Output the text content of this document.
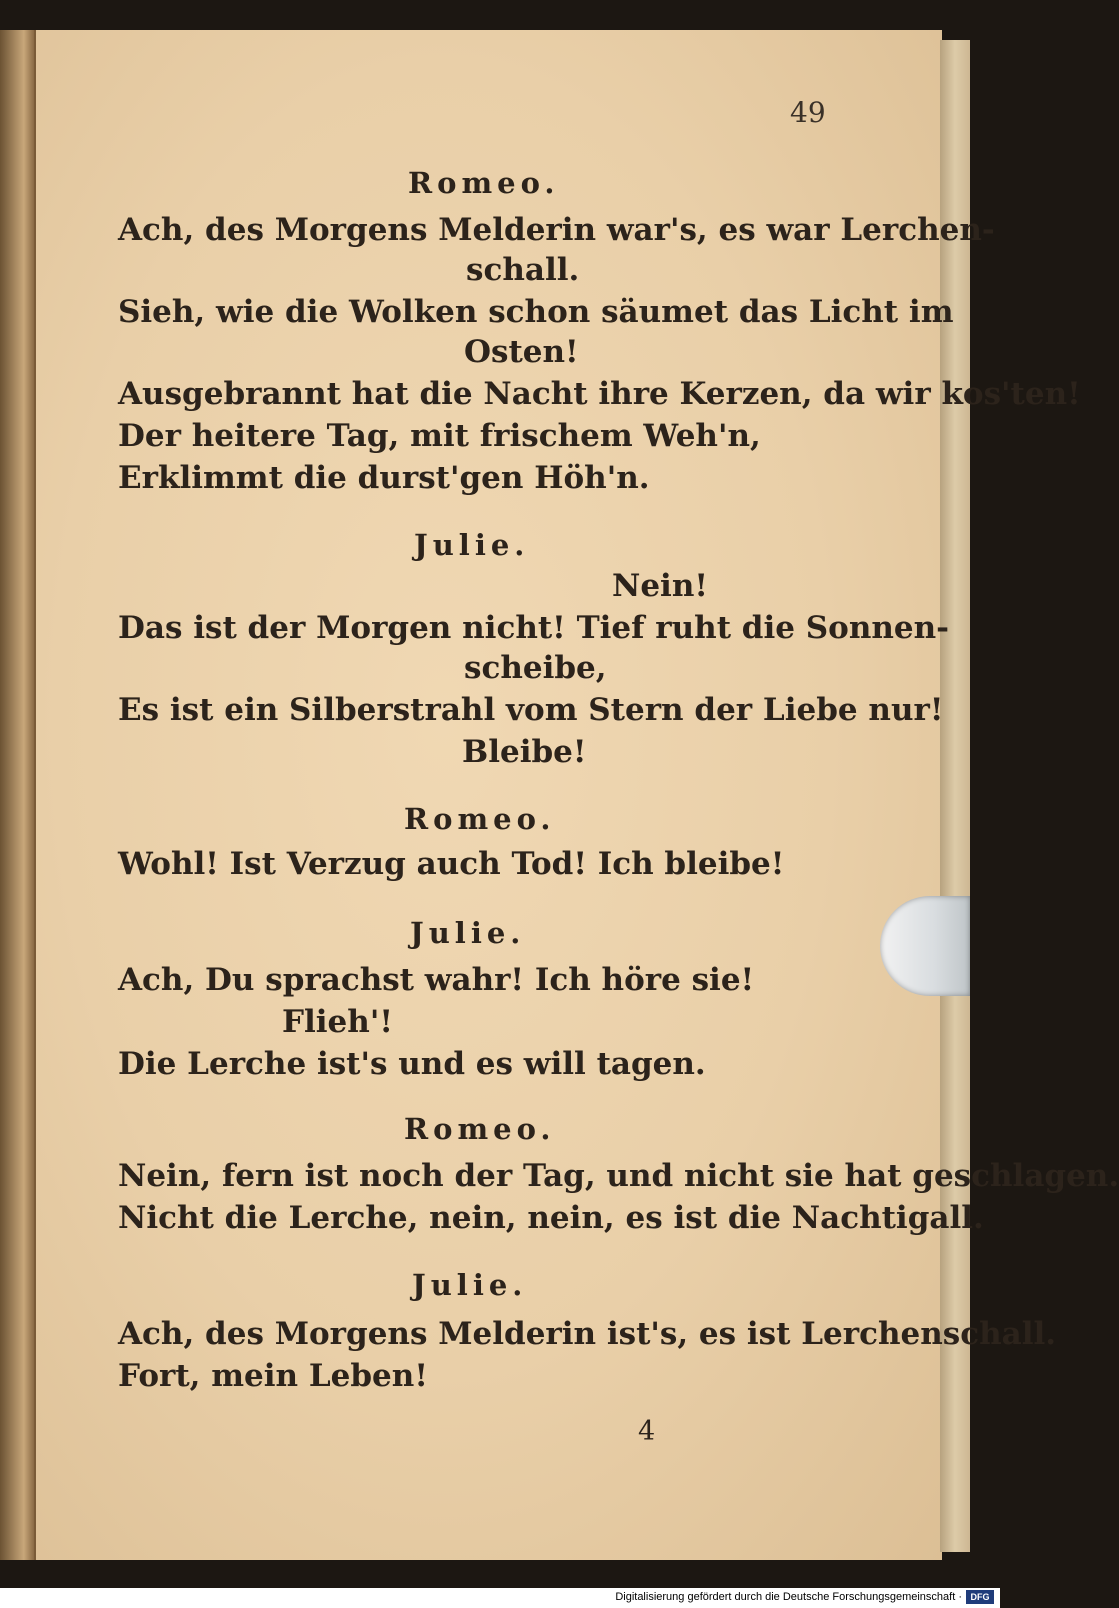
49
Romeo.
Ach, des Morgens Melderin war's, es war Lerchen-
schall.
Sieh, wie die Wolken schon säumet das Licht im
Osten!
Ausgebrannt hat die Nacht ihre Kerzen, da wir kos'ten!
Der heitere Tag, mit frischem Weh'n,
Erklimmt die durst'gen Höh'n.
Julie.
Nein!
Das ist der Morgen nicht! Tief ruht die Sonnen-
scheibe,
Es ist ein Silberstrahl vom Stern der Liebe nur!
Bleibe!
Romeo.
Wohl! Ist Verzug auch Tod! Ich bleibe!
Julie.
Ach, Du sprachst wahr! Ich höre sie!
Flieh'!
Die Lerche ist's und es will tagen.
Romeo.
Nein, fern ist noch der Tag, und nicht sie hat geschlagen.
Nicht die Lerche, nein, nein, es ist die Nachtigall.
Julie.
Ach, des Morgens Melderin ist's, es ist Lerchenschall.
Fort, mein Leben!
4
Digitalisierung gefördert durch die Deutsche Forschungsgemeinschaft · DFG
